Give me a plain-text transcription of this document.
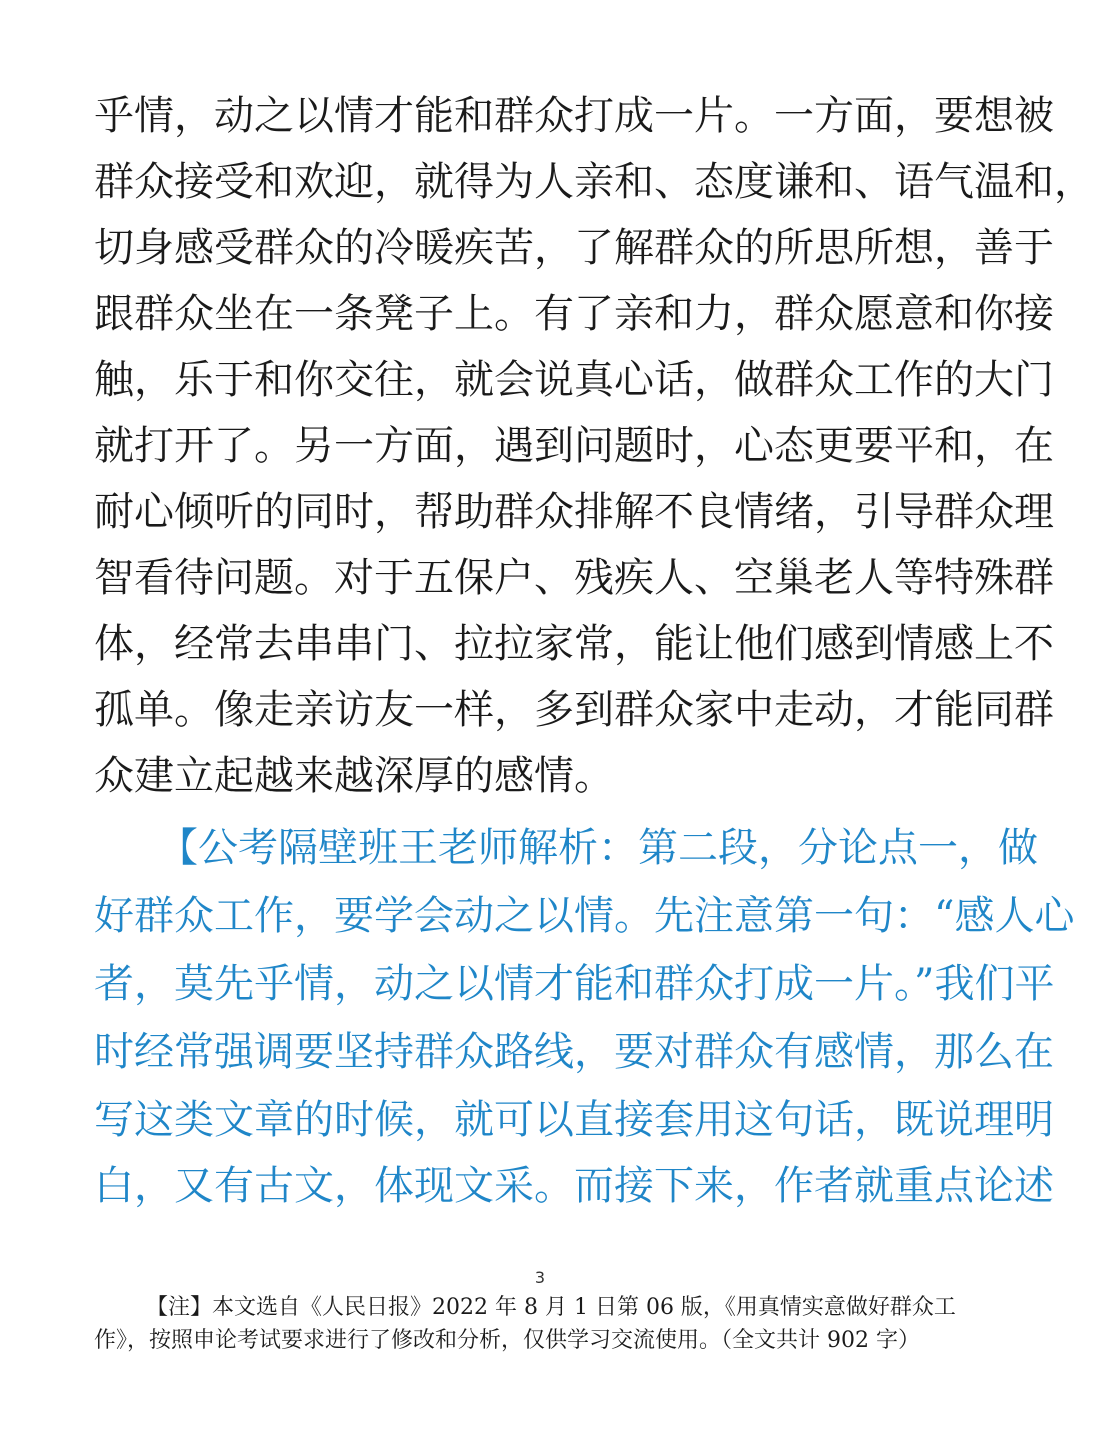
乎情，动之以情才能和群众打成一片。一方面，要想被
群众接受和欢迎，就得为人亲和、态度谦和、语气温和，
切身感受群众的冷暖疾苦，了解群众的所思所想，善于
跟群众坐在一条凳子上。有了亲和力，群众愿意和你接
触，乐于和你交往，就会说真心话，做群众工作的大门
就打开了。另一方面，遇到问题时，心态更要平和，在
耐心倾听的同时，帮助群众排解不良情绪，引导群众理
智看待问题。对于五保户、残疾人、空巢老人等特殊群
体，经常去串串门、拉拉家常，能让他们感到情感上不
孤单。像走亲访友一样，多到群众家中走动，才能同群
众建立起越来越深厚的感情。
【公考隔壁班王老师解析：第二段，分论点一，做
好群众工作，要学会动之以情。先注意第一句：“感人心
者，莫先乎情，动之以情才能和群众打成一片。”我们平
时经常强调要坚持群众路线，要对群众有感情，那么在
写这类文章的时候，就可以直接套用这句话，既说理明
白，又有古文，体现文采。而接下来，作者就重点论述
3
【注】本文选自《人民日报》2022 年 8 月 1 日第 06 版，《用真情实意做好群众工
作》，按照申论考试要求进行了修改和分析，仅供学习交流使用。（全文共计 902 字）
